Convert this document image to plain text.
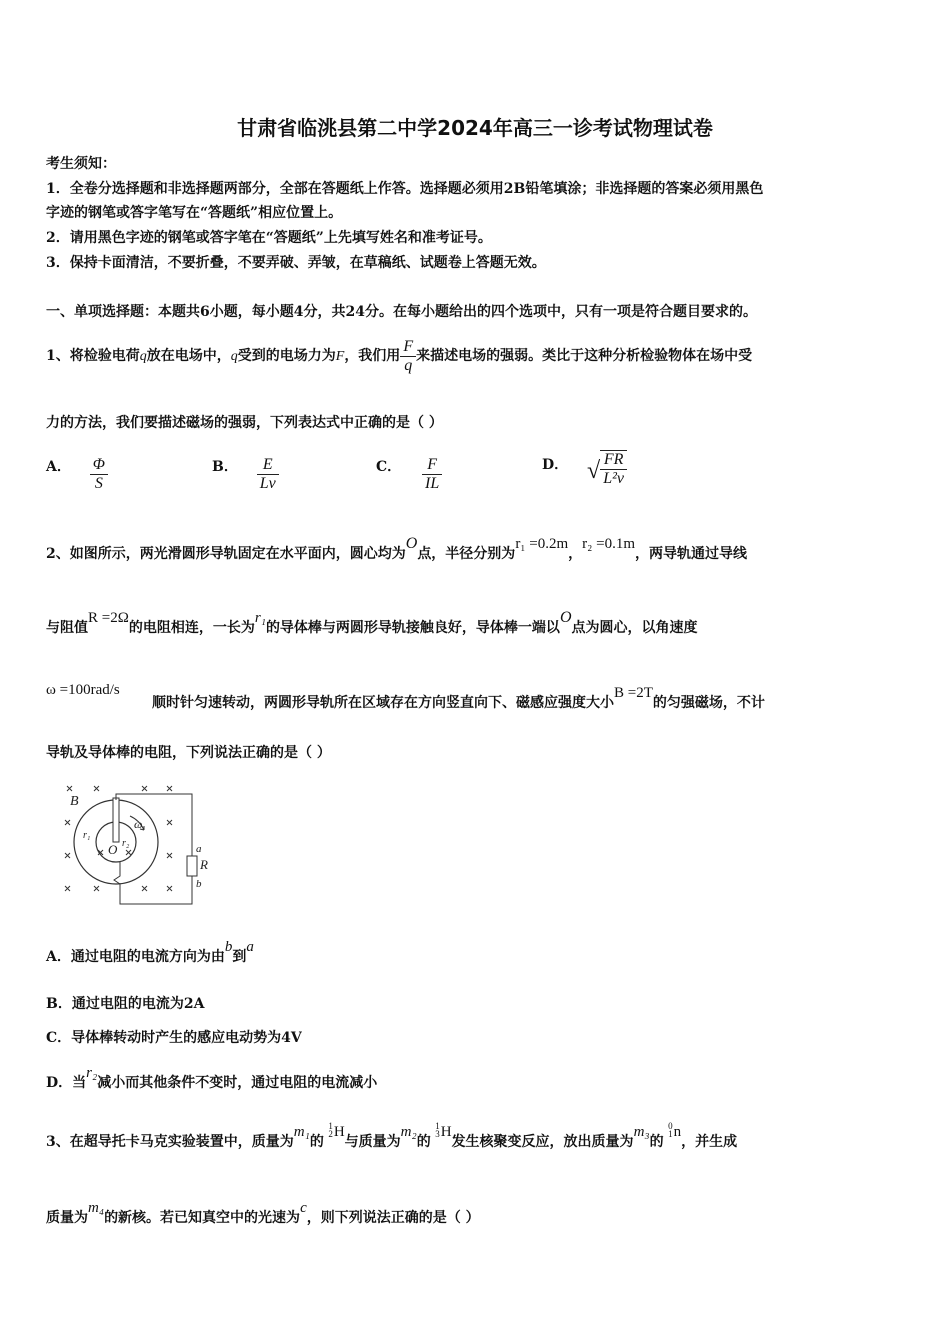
甘肃省临洮县第二中学2024年高三一诊考试物理试卷
考生须知：
1．全卷分选择题和非选择题两部分，全部在答题纸上作答。选择题必须用2B铅笔填涂；非选择题的答案必须用黑色
字迹的钢笔或答字笔写在“答题纸”相应位置上。
2．请用黑色字迹的钢笔或答字笔在“答题纸”上先填写姓名和准考证号。
3．保持卡面清洁，不要折叠，不要弄破、弄皱，在草稿纸、试题卷上答题无效。
一、单项选择题：本题共6小题，每小题4分，共24分。在每小题给出的四个选项中，只有一项是符合题目要求的。
1、将检验电荷q放在电场中，q受到的电场力为F，我们用 $\frac{F}{q}$ 来描述电场的强弱。类比于这种分析检验物体在场中受
力的方法，我们要描述磁场的强弱，下列表达式中正确的是（ ）
A． $\frac{\Phi}{S}$	B． $\frac{E}{Lv}$	C． $\frac{F}{IL}$	D． √ $\frac{FR}{\text{L²v}}$
2、如图所示，两光滑圆形导轨固定在水平面内，圆心均为O点，半径分别为r₁ =0.2m，r₂ =0.1m，两导轨通过导线
与阻值R =2Ω的电阻相连，一长为r₁的导体棒与两圆形导轨接触良好，导体棒一端以O点为圆心，以角速度
ω =100rad/s
顺时针匀速转动，两圆形导轨所在区域存在方向竖直向下、磁感应强度大小B =2T的匀强磁场，不计
导轨及导体棒的电阻，下列说法正确的是（ ）
B
r₁
r₂
O
ω
a
R
b
A．通过电阻的电流方向为由b到a
B．通过电阻的电流为2A
C．导体棒转动时产生的感应电动势为4V
D．当r₂减小而其他条件不变时，通过电阻的电流减小
3、在超导托卡马克实验装置中，质量为m₁的 2
1 H与质量为m₂的 3
1 H发生核聚变反应，放出质量为m₃的 1
0 n，并生成
质量为m₄的新核。若已知真空中的光速为c，则下列说法正确的是（ ）
